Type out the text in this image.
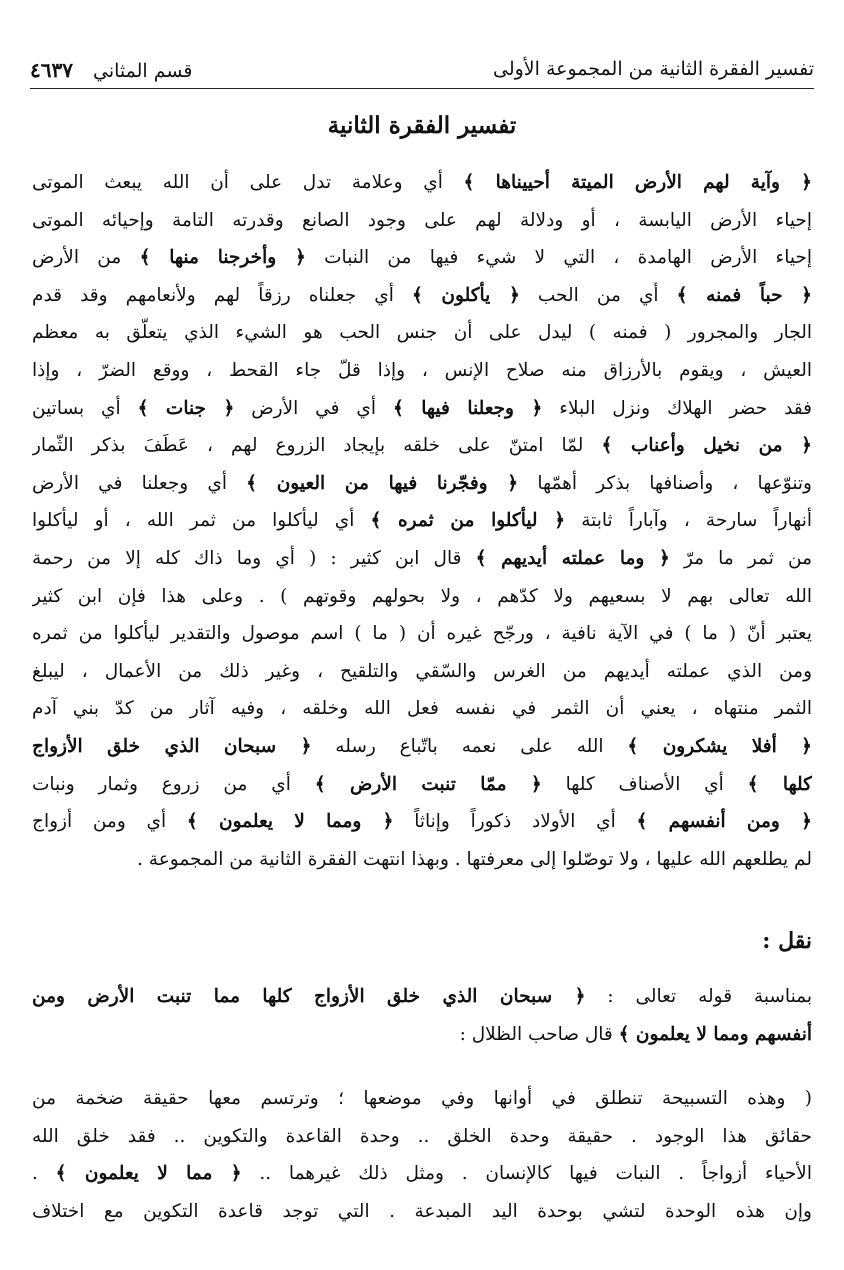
تفسير الفقرة الثانية من المجموعة الأولى
قسم المثاني ٤٦٣٧
تفسير الفقرة الثانية
﴿ وآية لهم الأرض الميتة أحييناها ﴾ أي وعلامة تدل على أن الله يبعث الموتى
إحياء الأرض اليابسة ، أو ودلالة لهم على وجود الصانع وقدرته التامة وإحيائه الموتى
إحياء الأرض الهامدة ، التي لا شيء فيها من النبات ﴿ وأخرجنا منها ﴾ من الأرض
﴿ حباً فمنه ﴾ أي من الحب ﴿ يأكلون ﴾ أي جعلناه رزقاً لهم ولأنعامهم وقد قدم
الجار والمجرور ( فمنه ) ليدل على أن جنس الحب هو الشيء الذي يتعلّق به معظم
العيش ، ويقوم بالأرزاق منه صلاح الإنس ، وإذا قلّ جاء القحط ، ووقع الضرّ ، وإذا
فقد حضر الهلاك ونزل البلاء ﴿ وجعلنا فيها ﴾ أي في الأرض ﴿ جنات ﴾ أي بساتين
﴿ من نخيل وأعناب ﴾ لمّا امتنّ على خلقه بإيجاد الزروع لهم ، عَطَفَ بذكر الثّمار
وتنوّعها ، وأصنافها بذكر أهمّها ﴿ وفجّرنا فيها من العيون ﴾ أي وجعلنا في الأرض
أنهاراً سارحة ، وآباراً ثابتة ﴿ ليأكلوا من ثمره ﴾ أي ليأكلوا من ثمر الله ، أو ليأكلوا
من ثمر ما مرّ ﴿ وما عملته أيديهم ﴾ قال ابن كثير : ( أي وما ذاك كله إلا من رحمة
الله تعالى بهم لا بسعيهم ولا كدّهم ، ولا بحولهم وقوتهم ) . وعلى هذا فإن ابن كثير
يعتبر أنّ ( ما ) في الآية نافية ، ورجّح غيره أن ( ما ) اسم موصول والتقدير ليأكلوا من ثمره
ومن الذي عملته أيديهم من الغرس والسّقي والتلقيح ، وغير ذلك من الأعمال ، ليبلغ
الثمر منتهاه ، يعني أن الثمر في نفسه فعل الله وخلقه ، وفيه آثار من كدّ بني آدم
﴿ أفلا يشكرون ﴾ الله على نعمه باتّباع رسله ﴿ سبحان الذي خلق الأزواج
كلها ﴾ أي الأصناف كلها ﴿ ممّا تنبت الأرض ﴾ أي من زروع وثمار ونبات
﴿ ومن أنفسهم ﴾ أي الأولاد ذكوراً وإناثاً ﴿ ومما لا يعلمون ﴾ أي ومن أزواج
لم يطلعهم الله عليها ، ولا توصّلوا إلى معرفتها . وبهذا انتهت الفقرة الثانية من المجموعة .
نقل :
بمناسبة قوله تعالى : ﴿ سبحان الذي خلق الأزواج كلها مما تنبت الأرض ومن
أنفسهم ومما لا يعلمون ﴾ قال صاحب الظلال :
( وهذه التسبيحة تنطلق في أوانها وفي موضعها ؛ وترتسم معها حقيقة ضخمة من
حقائق هذا الوجود . حقيقة وحدة الخلق .. وحدة القاعدة والتكوين .. فقد خلق الله
الأحياء أزواجاً . النبات فيها كالإنسان . ومثل ذلك غيرهما .. ﴿ مما لا يعلمون ﴾ .
وإن هذه الوحدة لتشي بوحدة اليد المبدعة . التي توجد قاعدة التكوين مع اختلاف
